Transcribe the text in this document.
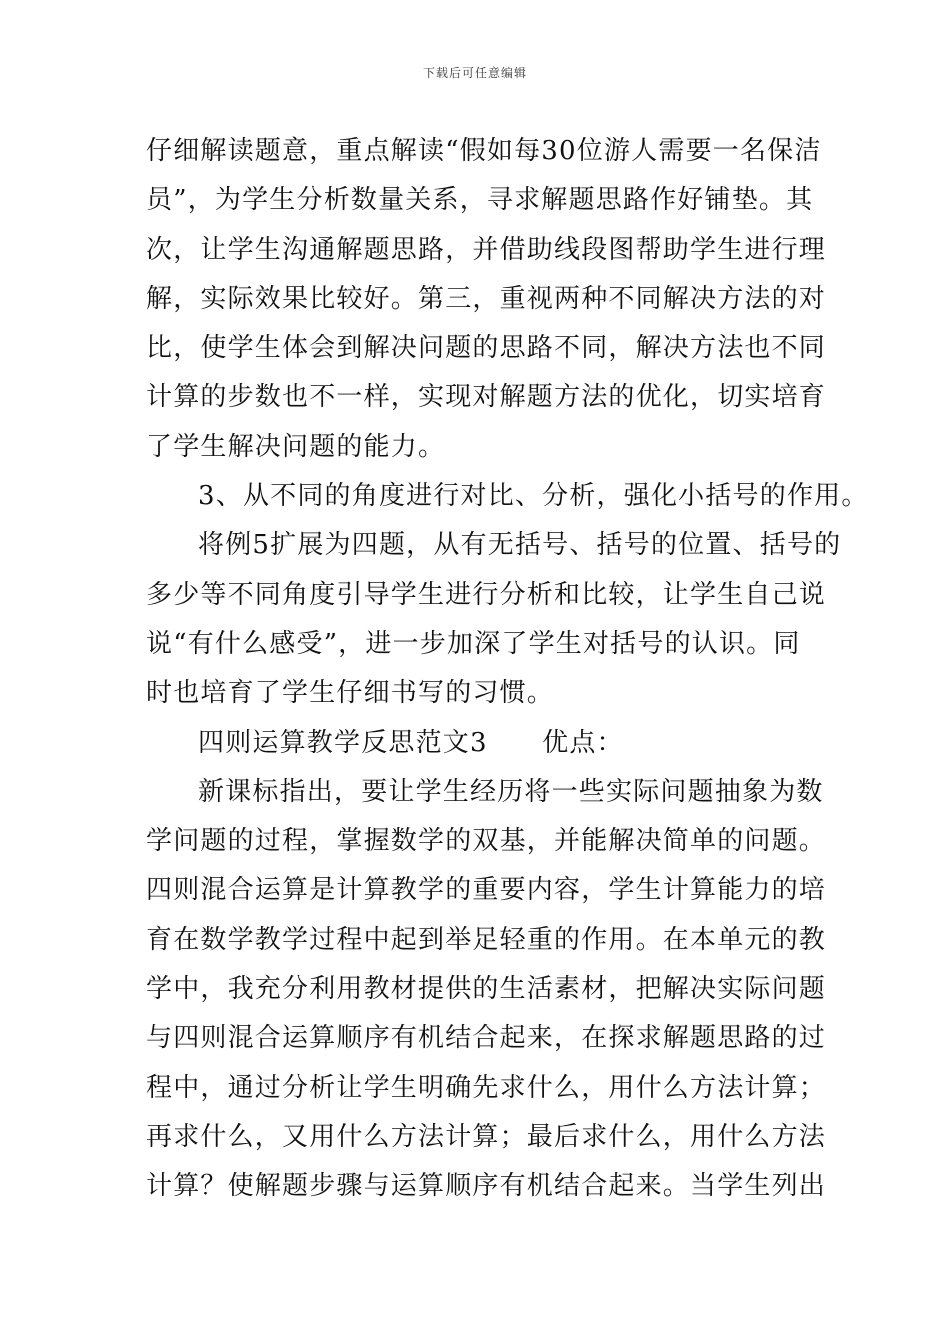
下载后可任意编辑
仔细解读题意，重点解读“假如每30位游人需要一名保洁
员”，为学生分析数量关系，寻求解题思路作好铺垫。其
次，让学生沟通解题思路，并借助线段图帮助学生进行理
解，实际效果比较好。第三，重视两种不同解决方法的对
比，使学生体会到解决问题的思路不同，解决方法也不同
计算的步数也不一样，实现对解题方法的优化，切实培育
了学生解决问题的能力。
3、从不同的角度进行对比、分析，强化小括号的作用。
将例5扩展为四题，从有无括号、括号的位置、括号的
多少等不同角度引导学生进行分析和比较，让学生自己说
说“有什么感受”，进一步加深了学生对括号的认识。同
时也培育了学生仔细书写的习惯。
四则运算教学反思范文3　　优点：
新课标指出，要让学生经历将一些实际问题抽象为数
学问题的过程，掌握数学的双基，并能解决简单的问题。
四则混合运算是计算教学的重要内容，学生计算能力的培
育在数学教学过程中起到举足轻重的作用。在本单元的教
学中，我充分利用教材提供的生活素材，把解决实际问题
与四则混合运算顺序有机结合起来，在探求解题思路的过
程中，通过分析让学生明确先求什么，用什么方法计算；
再求什么，又用什么方法计算；最后求什么，用什么方法
计算？使解题步骤与运算顺序有机结合起来。当学生列出
